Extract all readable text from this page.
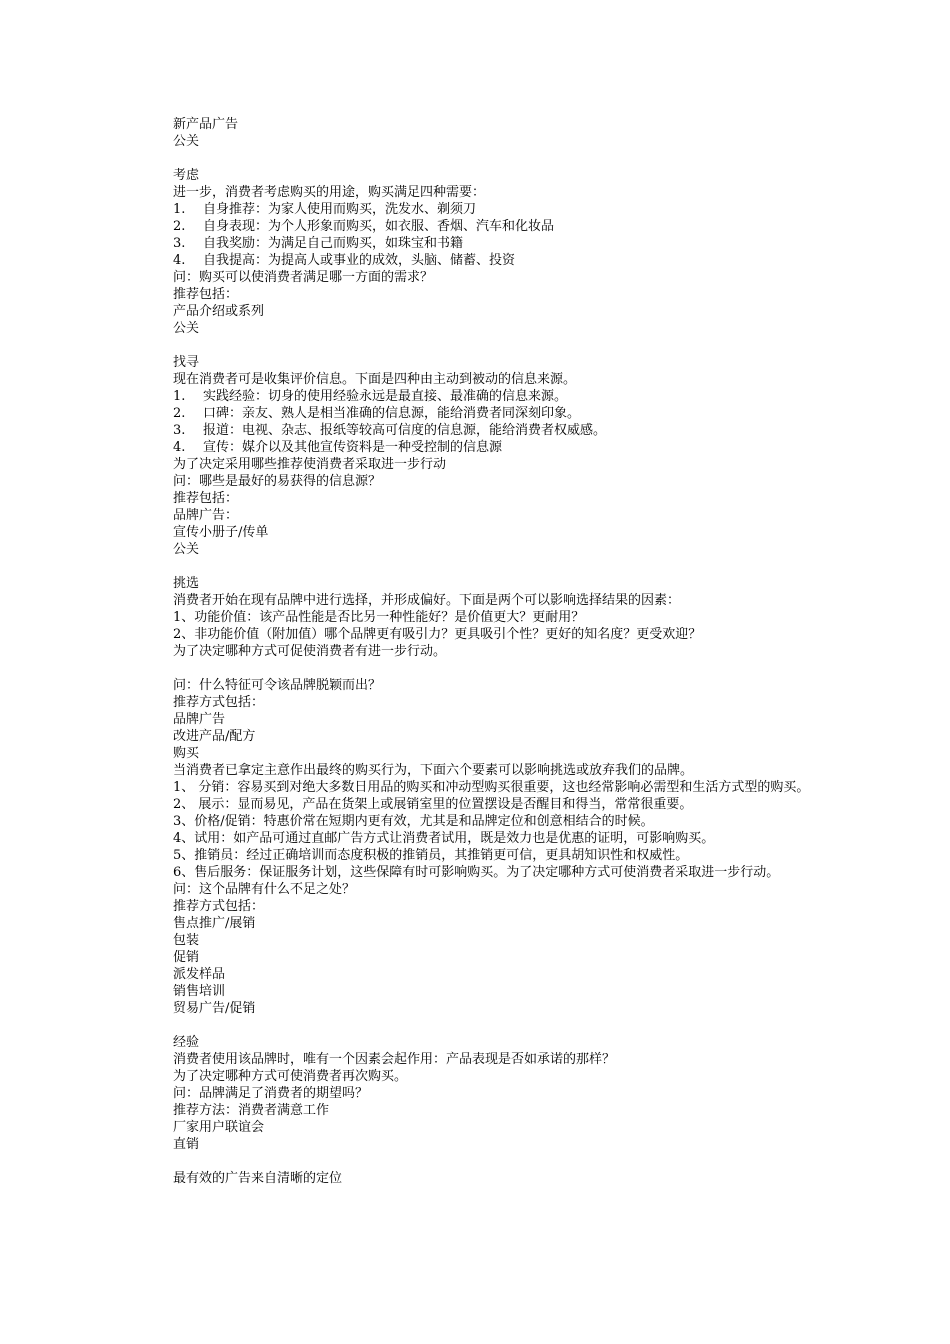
新产品广告
公关
考虑
进一步，消费者考虑购买的用途，购买满足四种需要：
1. 自身推荐：为家人使用而购买，洗发水、剃须刀
2. 自身表现：为个人形象而购买，如衣服、香烟、汽车和化妆品
3. 自我奖励：为满足自己而购买，如珠宝和书籍
4. 自我提高：为提高人或事业的成效，头脑、储蓄、投资
问：购买可以使消费者满足哪一方面的需求？
推荐包括：
产品介绍或系列
公关
找寻
现在消费者可是收集评价信息。下面是四种由主动到被动的信息来源。
1. 实践经验：切身的使用经验永远是最直接、最准确的信息来源。
2. 口碑：亲友、熟人是相当准确的信息源，能给消费者同深刻印象。
3. 报道：电视、杂志、报纸等较高可信度的信息源，能给消费者权威感。
4. 宣传：媒介以及其他宣传资料是一种受控制的信息源
为了决定采用哪些推荐使消费者采取进一步行动
问：哪些是最好的易获得的信息源？
推荐包括：
品牌广告：
宣传小册子/传单
公关
挑选
消费者开始在现有品牌中进行选择，并形成偏好。下面是两个可以影响选择结果的因素：
1、功能价值：该产品性能是否比另一种性能好？是价值更大？更耐用？
2、非功能价值（附加值）哪个品牌更有吸引力？更具吸引个性？更好的知名度？更受欢迎？
为了决定哪种方式可促使消费者有进一步行动。
问：什么特征可令该品牌脱颖而出？
推荐方式包括：
品牌广告
改进产品/配方
购买
当消费者已拿定主意作出最终的购买行为，下面六个要素可以影响挑选或放弃我们的品牌。
1、 分销：容易买到对绝大多数日用品的购买和冲动型购买很重要，这也经常影响必需型和生活方式型的购买。
2、 展示：显而易见，产品在货架上或展销室里的位置摆设是否醒目和得当，常常很重要。
3、价格/促销：特惠价常在短期内更有效，尤其是和品牌定位和创意相结合的时候。
4、试用：如产品可通过直邮广告方式让消费者试用，既是效力也是优惠的证明，可影响购买。
5、推销员：经过正确培训而态度积极的推销员，其推销更可信，更具胡知识性和权威性。
6、售后服务：保证服务计划，这些保障有时可影响购买。为了决定哪种方式可使消费者采取进一步行动。
问：这个品牌有什么不足之处？
推荐方式包括：
售点推广/展销
包装
促销
派发样品
销售培训
贸易广告/促销
经验
消费者使用该品牌时，唯有一个因素会起作用：产品表现是否如承诺的那样？
为了决定哪种方式可使消费者再次购买。
问：品牌满足了消费者的期望吗？
推荐方法：消费者满意工作
厂家用户联谊会
直销
最有效的广告来自清晰的定位
